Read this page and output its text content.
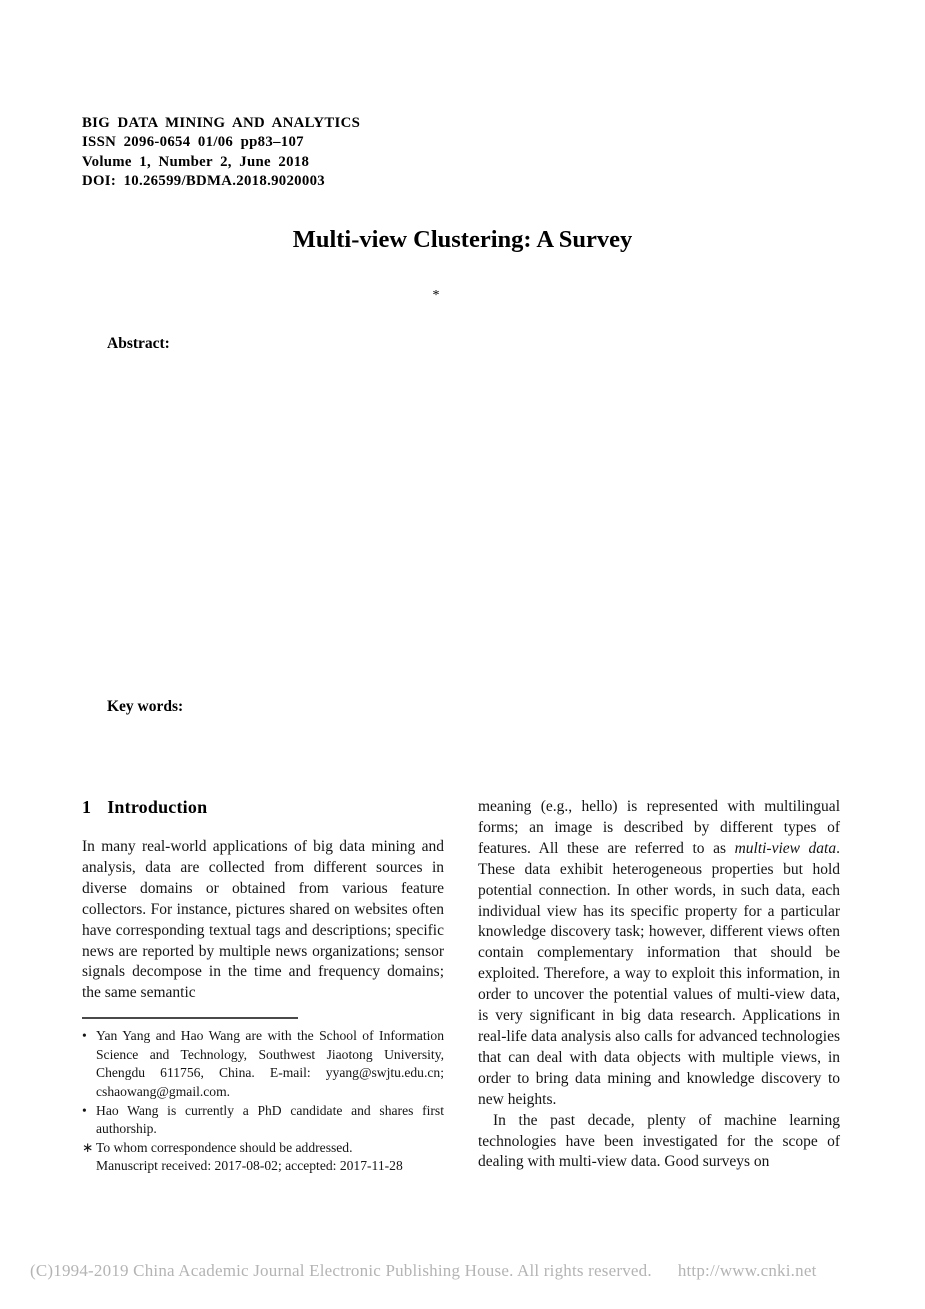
BIG DATA MINING AND ANALYTICS
ISSN 2096-0654 01/06 pp83–107
Volume 1, Number 2, June 2018
DOI: 10.26599/BDMA.2018.9020003
Multi-view Clustering: A Survey
*
Abstract:
Key words:
1 Introduction

In many real-world applications of big data mining and analysis, data are collected from different sources in diverse domains or obtained from various feature collectors. For instance, pictures shared on websites often have corresponding textual tags and descriptions; specific news are reported by multiple news organizations; sensor signals decompose in the time and frequency domains; the same semantic

• Yan Yang and Hao Wang are with the School of Information Science and Technology, Southwest Jiaotong University, Chengdu 611756, China. E-mail: yyang@swjtu.edu.cn; cshaowang@gmail.com.
• Hao Wang is currently a PhD candidate and shares first authorship.
∗ To whom correspondence should be addressed.
Manuscript received: 2017-08-02; accepted: 2017-11-28

meaning (e.g., hello) is represented with multilingual forms; an image is described by different types of features. All these are referred to as multi-view data. These data exhibit heterogeneous properties but hold potential connection. In other words, in such data, each individual view has its specific property for a particular knowledge discovery task; however, different views often contain complementary information that should be exploited. Therefore, a way to exploit this information, in order to uncover the potential values of multi-view data, is very significant in big data research. Applications in real-life data analysis also calls for advanced technologies that can deal with data objects with multiple views, in order to bring data mining and knowledge discovery to new heights.

In the past decade, plenty of machine learning technologies have been investigated for the scope of dealing with multi-view data. Good surveys on

(C)1994-2019 China Academic Journal Electronic Publishing House. All rights reserved. http://www.cnki.net
